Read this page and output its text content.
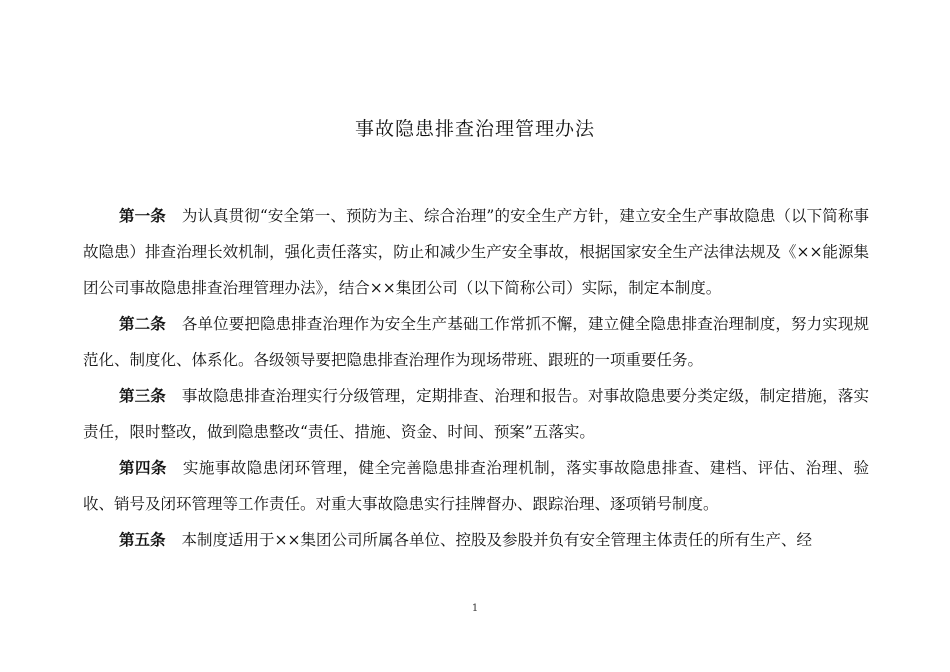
事故隐患排查治理管理办法

第一条 为认真贯彻“安全第一、预防为主、综合治理”的安全生产方针，建立安全生产事故隐患（以下简称事故隐患）排查治理长效机制，强化责任落实，防止和减少生产安全事故，根据国家安全生产法律法规及《××能源集团公司事故隐患排查治理管理办法》，结合××集团公司（以下简称公司）实际，制定本制度。

第二条 各单位要把隐患排查治理作为安全生产基础工作常抓不懈，建立健全隐患排查治理制度，努力实现规范化、制度化、体系化。各级领导要把隐患排查治理作为现场带班、跟班的一项重要任务。

第三条 事故隐患排查治理实行分级管理，定期排查、治理和报告。对事故隐患要分类定级，制定措施，落实责任，限时整改，做到隐患整改“责任、措施、资金、时间、预案”五落实。

第四条 实施事故隐患闭环管理，健全完善隐患排查治理机制，落实事故隐患排查、建档、评估、治理、验收、销号及闭环管理等工作责任。对重大事故隐患实行挂牌督办、跟踪治理、逐项销号制度。

第五条 本制度适用于××集团公司所属各单位、控股及参股并负有安全管理主体责任的所有生产、经

1
